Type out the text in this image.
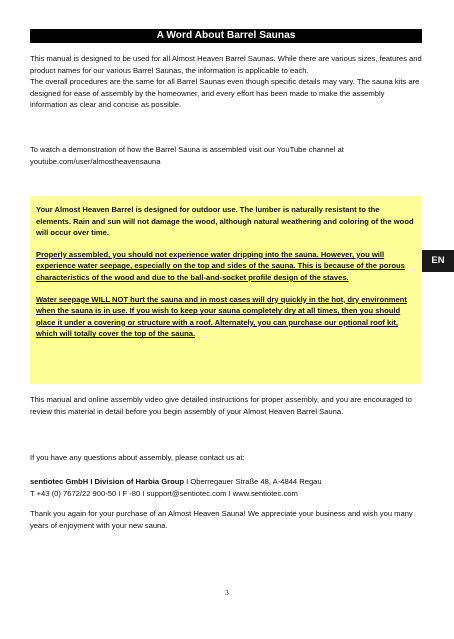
A Word About Barrel Saunas

This manual is designed to be used for all Almost Heaven Barrel Saunas. While there are various sizes, features and product names for our various Barrel Saunas, the information is applicable to each.

The overall procedures are the same for all Barrel Saunas even though specific details may vary. The sauna kits are designed for ease of assembly by the homeowner, and every effort has been made to make the assembly information as clear and concise as possible.

To watch a demonstration of how the Barrel Sauna is assembled visit our YouTube channel at youtube.com/user/almostheavensauna

Your Almost Heaven Barrel is designed for outdoor use. The lumber is naturally resistant to the elements. Rain and sun will not damage the wood, although natural weathering and coloring of the wood will occur over time.

Properly assembled, you should not experience water dripping into the sauna. However, you will experience water seepage, especially on the top and sides of the sauna. This is because of the porous characteristics of the wood and due to the ball-and-socket profile design of the staves.

Water seepage WILL NOT hurt the sauna and in most cases will dry quickly in the hot, dry environment when the sauna is in use. If you wish to keep your sauna completely dry at all times, then you should place it under a covering or structure with a roof. Alternately, you can purchase our optional roof kit, which will totally cover the top of the sauna.

This manual and online assembly video give detailed instructions for proper assembly, and you are encouraged to review this material in detail before you begin assembly of your Almost Heaven Barrel Sauna.

If you have any questions about assembly, please contact us at:

sentiotec GmbH I Division of Harbia Group I Oberregauer Straße 48, A-4844 Regau

T +43 (0) 7672/22 900-50 I F -80 I support@sentiotec.com I www.sentiotec.com

Thank you again for your purchase of an Almost Heaven Sauna! We appreciate your business and wish you many years of enjoyment with your new sauna.

EN
3
